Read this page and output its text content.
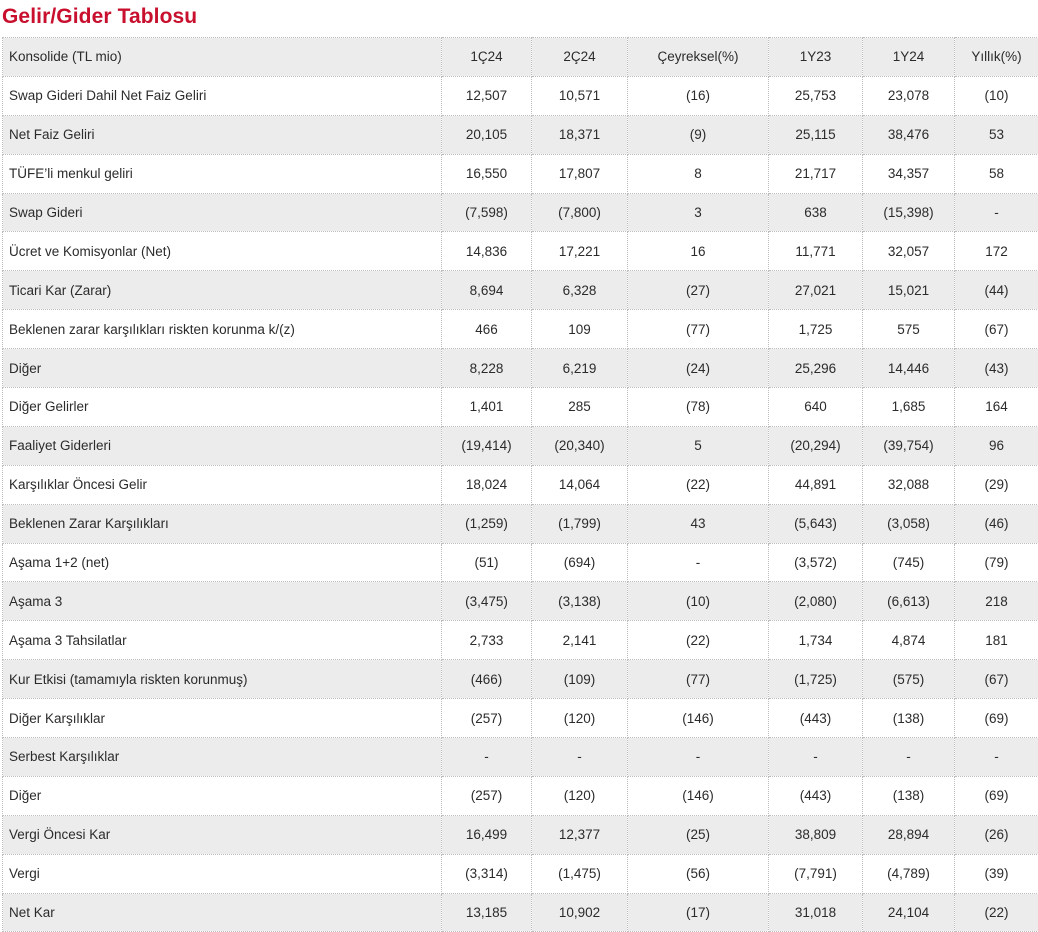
Gelir/Gider Tablosu
Konsolide (TL mio)	1Ç24	2Ç24	Çeyreksel(%)	1Y23	1Y24	Yıllık(%)
Swap Gideri Dahil Net Faiz Geliri	12,507	10,571	(16)	25,753	23,078	(10)
Net Faiz Geliri	20,105	18,371	(9)	25,115	38,476	53
TÜFE’li menkul geliri	16,550	17,807	8	21,717	34,357	58
Swap Gideri	(7,598)	(7,800)	3	638	(15,398)	-
Ücret ve Komisyonlar (Net)	14,836	17,221	16	11,771	32,057	172
Ticari Kar (Zarar)	8,694	6,328	(27)	27,021	15,021	(44)
Beklenen zarar karşılıkları riskten korunma k/(z)	466	109	(77)	1,725	575	(67)
Diğer	8,228	6,219	(24)	25,296	14,446	(43)
Diğer Gelirler	1,401	285	(78)	640	1,685	164
Faaliyet Giderleri	(19,414)	(20,340)	5	(20,294)	(39,754)	96
Karşılıklar Öncesi Gelir	18,024	14,064	(22)	44,891	32,088	(29)
Beklenen Zarar Karşılıkları	(1,259)	(1,799)	43	(5,643)	(3,058)	(46)
Aşama 1+2 (net)	(51)	(694)	-	(3,572)	(745)	(79)
Aşama 3	(3,475)	(3,138)	(10)	(2,080)	(6,613)	218
Aşama 3 Tahsilatlar	2,733	2,141	(22)	1,734	4,874	181
Kur Etkisi (tamamıyla riskten korunmuş)	(466)	(109)	(77)	(1,725)	(575)	(67)
Diğer Karşılıklar	(257)	(120)	(146)	(443)	(138)	(69)
Serbest Karşılıklar	-	-	-	-	-	-
Diğer	(257)	(120)	(146)	(443)	(138)	(69)
Vergi Öncesi Kar	16,499	12,377	(25)	38,809	28,894	(26)
Vergi	(3,314)	(1,475)	(56)	(7,791)	(4,789)	(39)
Net Kar	13,185	10,902	(17)	31,018	24,104	(22)
